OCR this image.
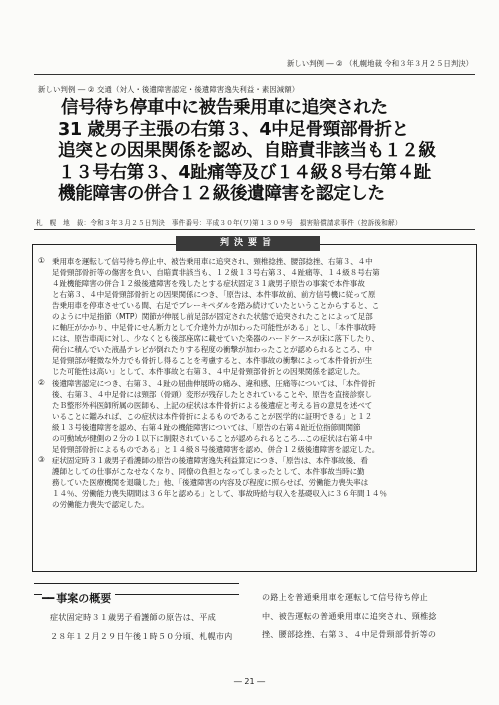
新しい判例 ― ② （札幌地裁 令和３年３月２５日判決）
新しい判例 ― ② 交通（対人・後遺障害認定・後遺障害逸失利益・素因減額）
信号待ち停車中に被告乗用車に追突された
31 歳男子主張の右第３、4中足骨頸部骨折と
追突との因果関係を認め、自賠責非該当も１２級
１３号右第３、4趾痛等及び１４級８号右第４趾
機能障害の併合１２級後遺障害を認定した
札　幌　地　裁：令和３年３月２５日判決　事件番号：平成３０年(ワ)第１３０９号　損害賠償請求事件（控訴後和解）
判決要旨
① 乗用車を運転して信号待ち停止中、被告乗用車に追突され、頸椎捻挫、腰部捻挫、右第３、４中
足骨頸部骨折等の傷害を負い、自賠責非該当も、１２級１３号右第３、４趾痛等、１４級８号右第
４趾機能障害の併合１２級後遺障害を残したとする症状固定３１歳男子原告の事案で本件事故
と右第３、４中足骨頸部骨折との因果関係につき、「原告は、本件事故前、前方信号機に従って原
告乗用車を停車させている間、右足でブレーキペダルを踏み続けていたということからすると、こ
のように中足指節（MTP）関節が伸展し前足部が固定された状態で追突されたことによって足部
に軸圧がかかり、中足骨にせん断力として介達外力が加わった可能性がある」とし、「本件事故時
には、原告車両に対し、少なくとも後部座席に載せていた楽器のハードケースが床に落下したり、
荷台に積んでいた液晶テレビが倒れたりする程度の衝撃が加わったことが認められるところ、中
足骨頸部が軽微な外力でも骨折し得ることを考慮すると、本件事故の衝撃によって本件骨折が生
じた可能性は高い」として、本件事故と右第３、４中足骨頸部骨折との因果関係を認定した。
② 後遺障害認定につき、右第３、４趾の屈曲伸展時の痛み、違和感、圧痛等については、「本件骨折
後、右第３、４中足骨には頸部（骨頭）変形が残存したとされていることや、原告を直接診察し
たＢ整形外科医師所属の医師も、上記の症状は本件骨折による後遺症と考える旨の意見を述べて
いることに鑑みれば、この症状は本件骨折によるものであることが医学的に証明できる」と１２
級１３号後遺障害を認め、右第４趾の機能障害については、「原告の右第４趾近位指節間関節
の可動域が健側の２分の１以下に制限されていることが認められるところ…この症状は右第４中
足骨頸部骨折によるものである」と１４級８号後遺障害を認め、併合１２級後遺障害を認定した。
③ 症状固定時３１歳男子看護師の原告の後遺障害逸失利益算定につき、「原告は、本件事故後、看
護師としての仕事がこなせなくなり、同僚の負担となってしまったとして、本件事故当時に勤
務していた医療機関を退職した」他、「後遺障害の内容及び程度に照らせば、労働能力喪失率は
１４％、労働能力喪失期間は３６年と認める」として、事故時給与収入を基礎収入に３６年間１４％
の労働能力喪失で認定した。
━━ 事案の概要
症状固定時３１歳男子看護師の原告は、平成
２８年１２月２９日午後１時５０分頃、札幌市内
の路上を普通乗用車を運転して信号待ち停止
中、被告運転の普通乗用車に追突され、頸椎捻
挫、腰部捻挫、右第３、４中足骨頸部骨折等の
― 21 ―
